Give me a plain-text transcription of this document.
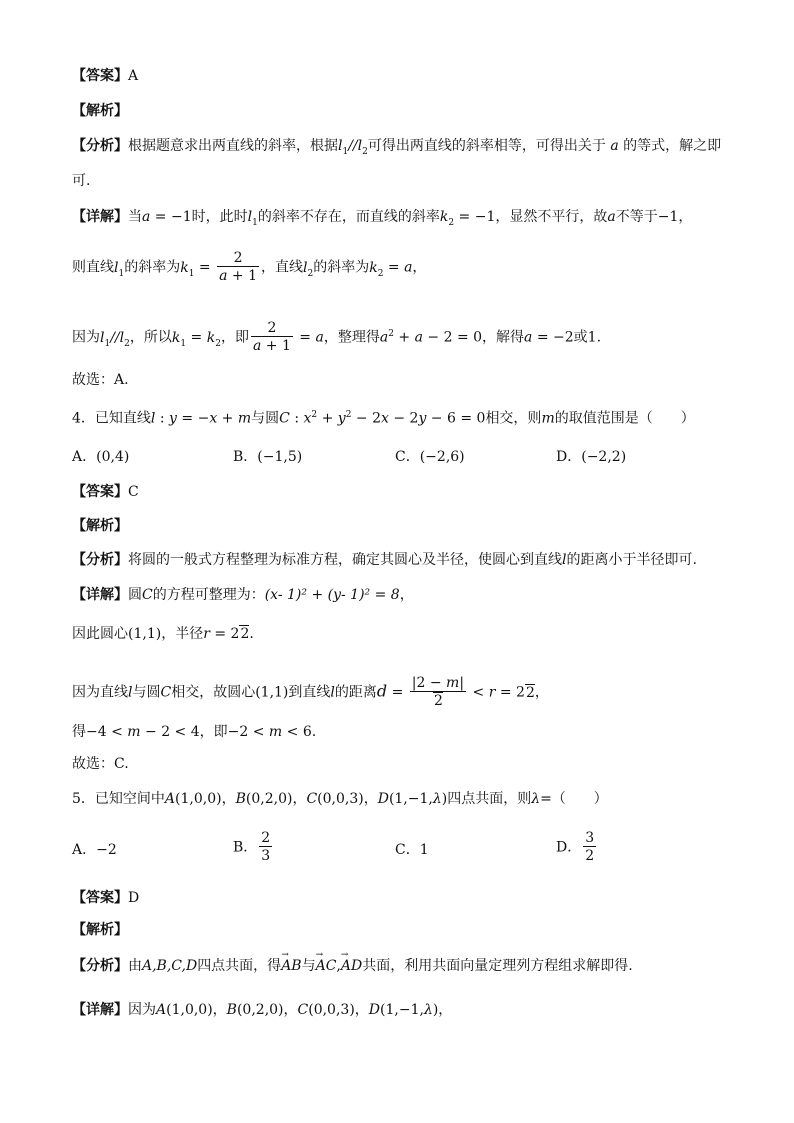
【答案】A
【解析】
【分析】根据题意求出两直线的斜率，根据$l_1//l_2$可得出两直线的斜率相等，可得出关于 a 的等式，解之即
可.
【详解】当a = −1时，此时$l_1$的斜率不存在，而直线的斜率$k_2 = -1$，显然不平行，故a不等于−1，
则直线$l_1$的斜率为$k_1 = \frac{2}{a + 1}$ ，直线$l_2$的斜率为$k_2 = a$，
因为$l_1//l_2$，所以$k_1 = k_2$，即 $\frac{2}{a + 1} = a$，整理得$a^2 + a - 2 = 0$，解得a = −2或1.
故选：A.
4．已知直线l : y = −x + m与圆C : $x^2 + y^2 - 2x - 2y - 6 = 0$相交，则m的取值范围是（　　）
A．(0,4)	B．(−1,5)	C．(−2,6)	D．(−2,2)
【答案】C
【解析】
【分析】将圆的一般式方程整理为标准方程，确定其圆心及半径，使圆心到直线l的距离小于半径即可.
【详解】圆C的方程可整理为：(x- 1)² + (y- 1)² = 8，
因此圆心(1,1)，半径r = 22.
因为直线l与圆C相交，故圆心(1,1)到直线l的距离$d = \frac{|2 - m|}{2} < r = 22$，
得−4 < m − 2 < 4，即−2 < m < 6.
故选：C.
5．已知空间中A(1,0,0)，B(0,2,0)，C(0,0,3)，D(1,−1,λ)四点共面，则λ=（　　）
A．−2	B． $\frac{2}{3}$	C．1	D． $\frac{3}{2}$
【答案】D
【解析】
【分析】由A,B,C,D四点共面，得→ AB与→ AC,→ AD共面，利用共面向量定理列方程组求解即得.
【详解】因为A(1,0,0)，B(0,2,0)，C(0,0,3)，D(1,−1,λ)，
